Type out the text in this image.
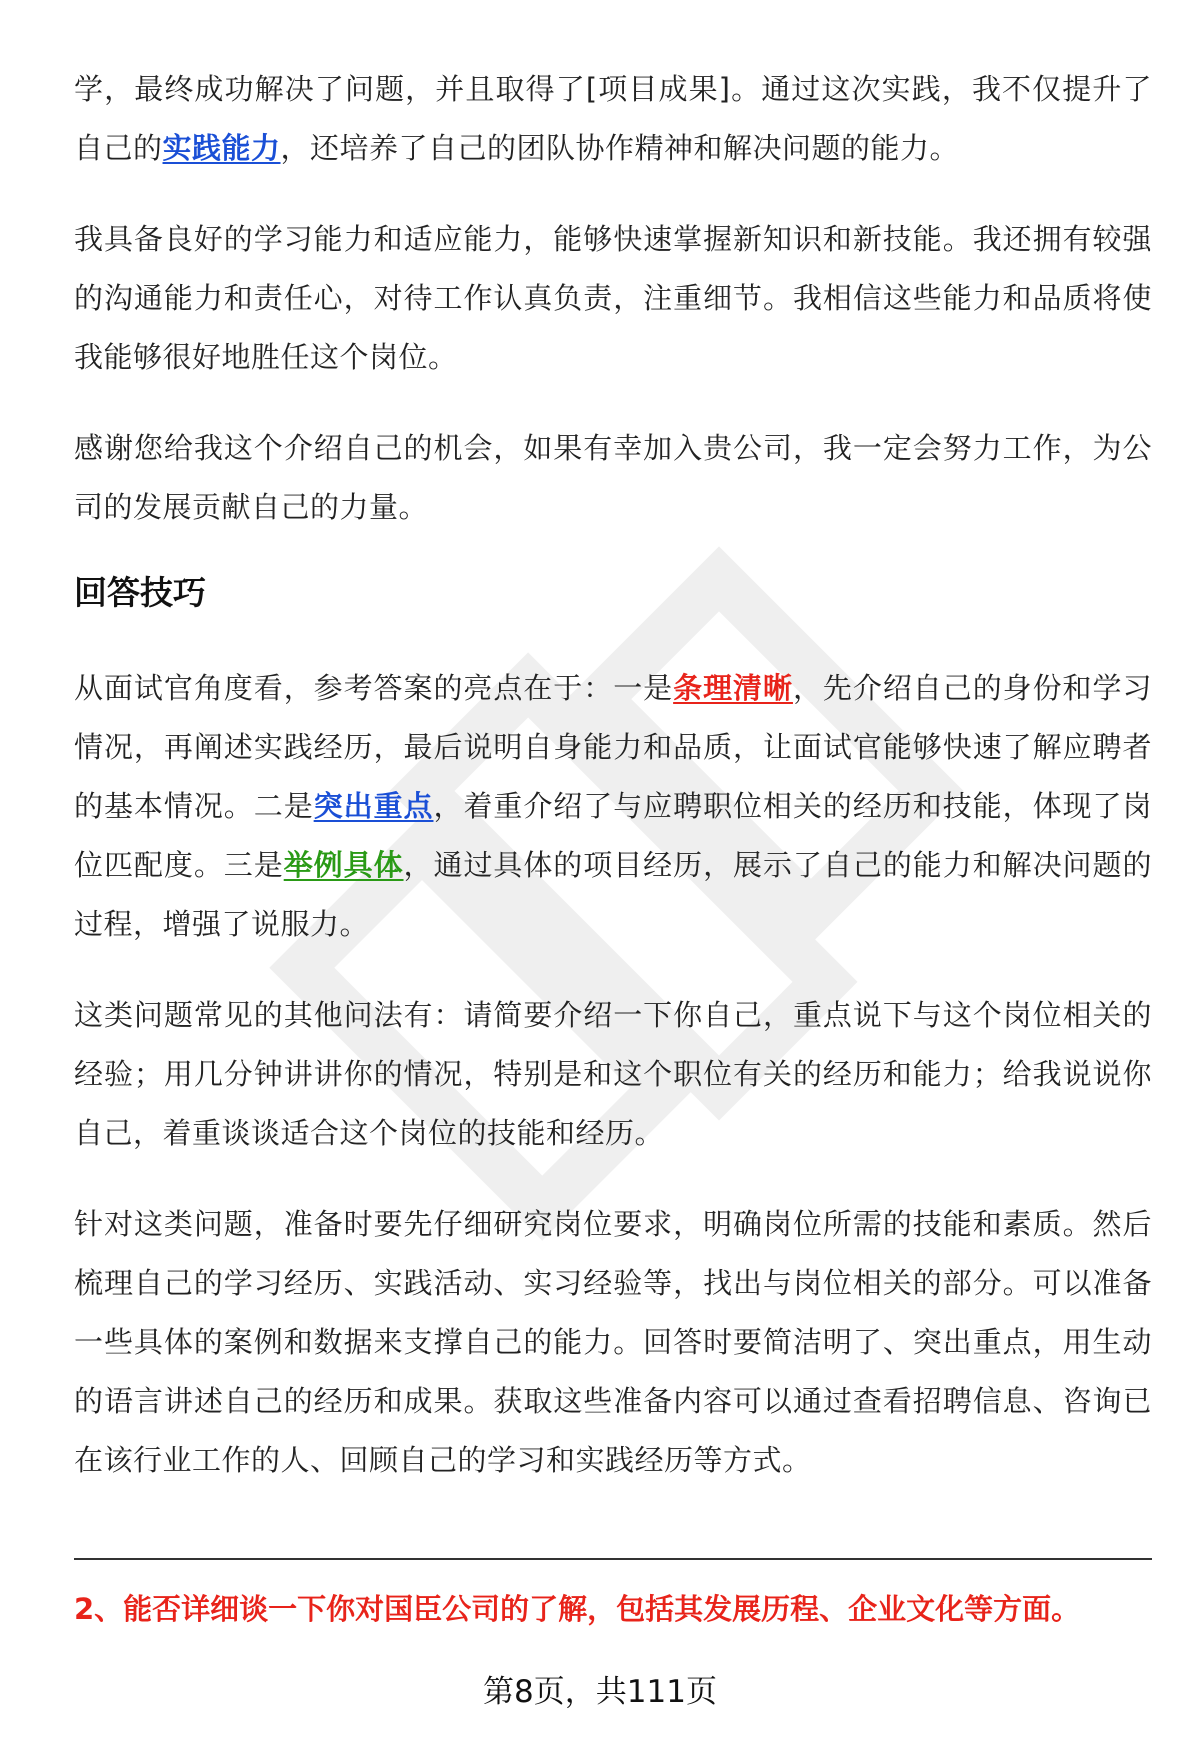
学，最终成功解决了问题，并且取得了[项目成果]。通过这次实践，我不仅提升了自己的实践能力，还培养了自己的团队协作精神和解决问题的能力。

我具备良好的学习能力和适应能力，能够快速掌握新知识和新技能。我还拥有较强的沟通能力和责任心，对待工作认真负责，注重细节。我相信这些能力和品质将使我能够很好地胜任这个岗位。

感谢您给我这个介绍自己的机会，如果有幸加入贵公司，我一定会努力工作，为公司的发展贡献自己的力量。

回答技巧

从面试官角度看，参考答案的亮点在于：一是条理清晰，先介绍自己的身份和学习情况，再阐述实践经历，最后说明自身能力和品质，让面试官能够快速了解应聘者的基本情况。二是突出重点，着重介绍了与应聘职位相关的经历和技能，体现了岗位匹配度。三是举例具体，通过具体的项目经历，展示了自己的能力和解决问题的过程，增强了说服力。

这类问题常见的其他问法有：请简要介绍一下你自己，重点说下与这个岗位相关的经验；用几分钟讲讲你的情况，特别是和这个职位有关的经历和能力；给我说说你自己，着重谈谈适合这个岗位的技能和经历。

针对这类问题，准备时要先仔细研究岗位要求，明确岗位所需的技能和素质。然后梳理自己的学习经历、实践活动、实习经验等，找出与岗位相关的部分。可以准备一些具体的案例和数据来支撑自己的能力。回答时要简洁明了、突出重点，用生动的语言讲述自己的经历和成果。获取这些准备内容可以通过查看招聘信息、咨询已在该行业工作的人、回顾自己的学习和实践经历等方式。

2、能否详细谈一下你对国臣公司的了解，包括其发展历程、企业文化等方面。
第8页，共111页
